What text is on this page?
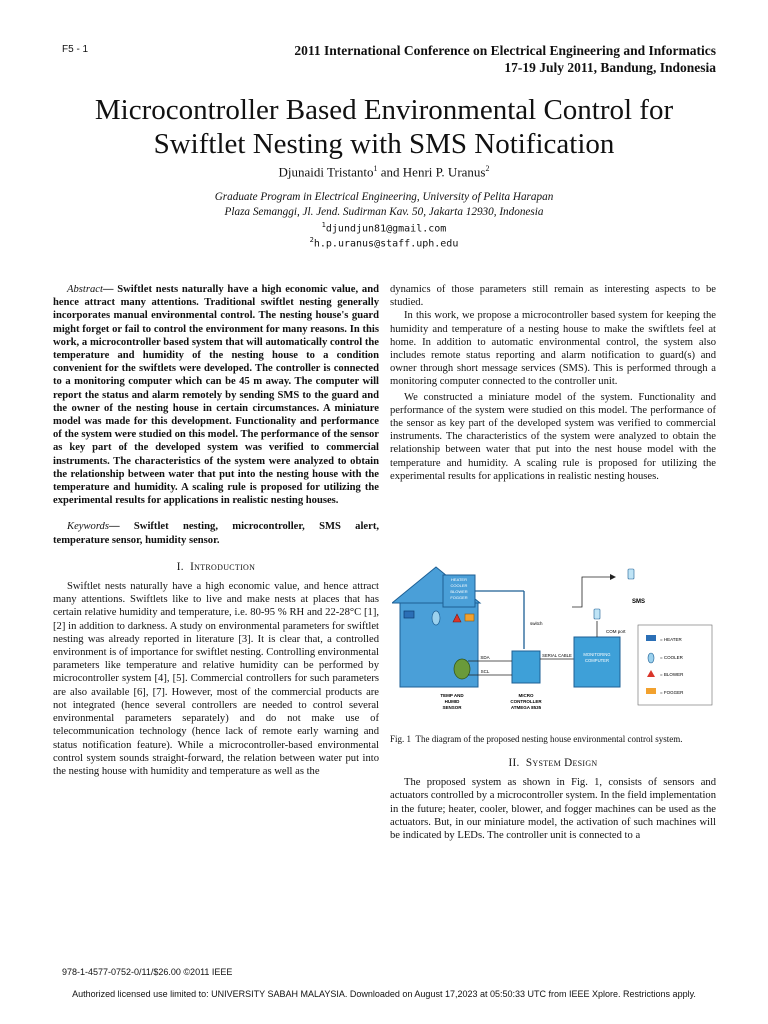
F5 - 1	2011 International Conference on Electrical Engineering and Informatics
17-19 July 2011, Bandung, Indonesia
Microcontroller Based Environmental Control for
Swiftlet Nesting with SMS Notification
Djunaidi Tristanto$^1$ and Henri P. Uranus$^2$
Graduate Program in Electrical Engineering, University of Pelita Harapan
Plaza Semanggi, Jl. Jend. Sudirman Kav. 50, Jakarta 12930, Indonesia
$^1$djundjun81@gmail.com
$^2$h.p.uranus@staff.uph.edu

Abstract— Swiftlet nests naturally have a high economic value, and hence attract many attentions. Traditional swiftlet nesting generally incorporates manual environmental control. The nesting house's guard might forget or fail to control the environment for many reasons. In this work, a microcontroller based system that will automatically control the temperature and humidity of the nesting house to a condition convenient for the swiftlets were developed. The controller is connected to a monitoring computer which can be 45 m away. The computer will report the status and alarm remotely by sending SMS to the guard and the owner of the nesting house in certain circumstances. A miniature model was made for this development. Functionality and performance of the system were studied on this model. The performance of the sensor as key part of the developed system was verified to commercial instruments. The characteristics of the system were analyzed to obtain the relationship between water that put into the nesting house with the temperature and humidity. A scaling rule is proposed for utilizing the experimental results for applications in realistic nesting houses.

Keywords— Swiftlet nesting, microcontroller, SMS alert, temperature sensor, humidity sensor.

I. Introduction

Swiftlet nests naturally have a high economic value, and hence attract many attentions. Swiftlets like to live and make nests at places that has certain relative humidity and temperature, i.e. 80-95 % RH and 22-28°C [1], [2] in addition to darkness. A study on environmental parameters for swiftlet nesting was already reported in literature [3]. It is clear that, a controlled environment is of importance for swiftlet nesting. Controlling environmental parameters like temperature and relative humidity can be performed by microcontroller system [4], [5]. Commercial controllers for such parameters are also available [6], [7]. However, most of the commercial products are not integrated (hence several controllers are needed to control several environmental parameters separately) and do not make use of telecommunication technology (hence lack of remote early warning and status notification feature). While a microcontroller-based environmental control system sounds straight-forward, the relation between water put into the nesting house with humidity and temperature as well as the

dynamics of those parameters still remain as interesting aspects to be studied.

In this work, we propose a microcontroller based system for keeping the humidity and temperature of a nesting house to make the swiftlets feel at home. In addition to automatic environmental control, the system also includes remote status reporting and alarm notification to guard(s) and owner through short message services (SMS). This is performed through a monitoring computer connected to the controller unit.

We constructed a miniature model of the system. Functionality and performance of the system were studied on this model. The performance of the sensor as key part of the developed system was verified to commercial instruments. The characteristics of the system were analyzed to obtain the relationship between water that put into the nest house model with the temperature and humidity. A scaling rule is proposed for utilizing the experimental results for applications in realistic nesting houses.

HEATER
COOLER
BLOWER
FOGGER
SDA
SCL
switch
SERIAL CABLE	MONITORING
COMPUTER
COM port
SMS
= HEATER
= COOLER
= BLOWER
= FOGGER
TEMP AND
HUMID
SENSOR
MICRO
CONTROLLER
ATMEGA 8535

Fig. 1 The diagram of the proposed nesting house environmental control system.

II. System Design

The proposed system as shown in Fig. 1, consists of sensors and actuators controlled by a microcontroller system. In the field implementation in the future; heater, cooler, blower, and fogger machines can be used as the actuators. But, in our miniature model, the activation of such machines will be indicated by LEDs. The controller unit is connected to a

978-1-4577-0752-0/11/$26.00 ©2011 IEEE
Authorized licensed use limited to: UNIVERSITY SABAH MALAYSIA. Downloaded on August 17,2023 at 05:50:33 UTC from IEEE Xplore. Restrictions apply.
